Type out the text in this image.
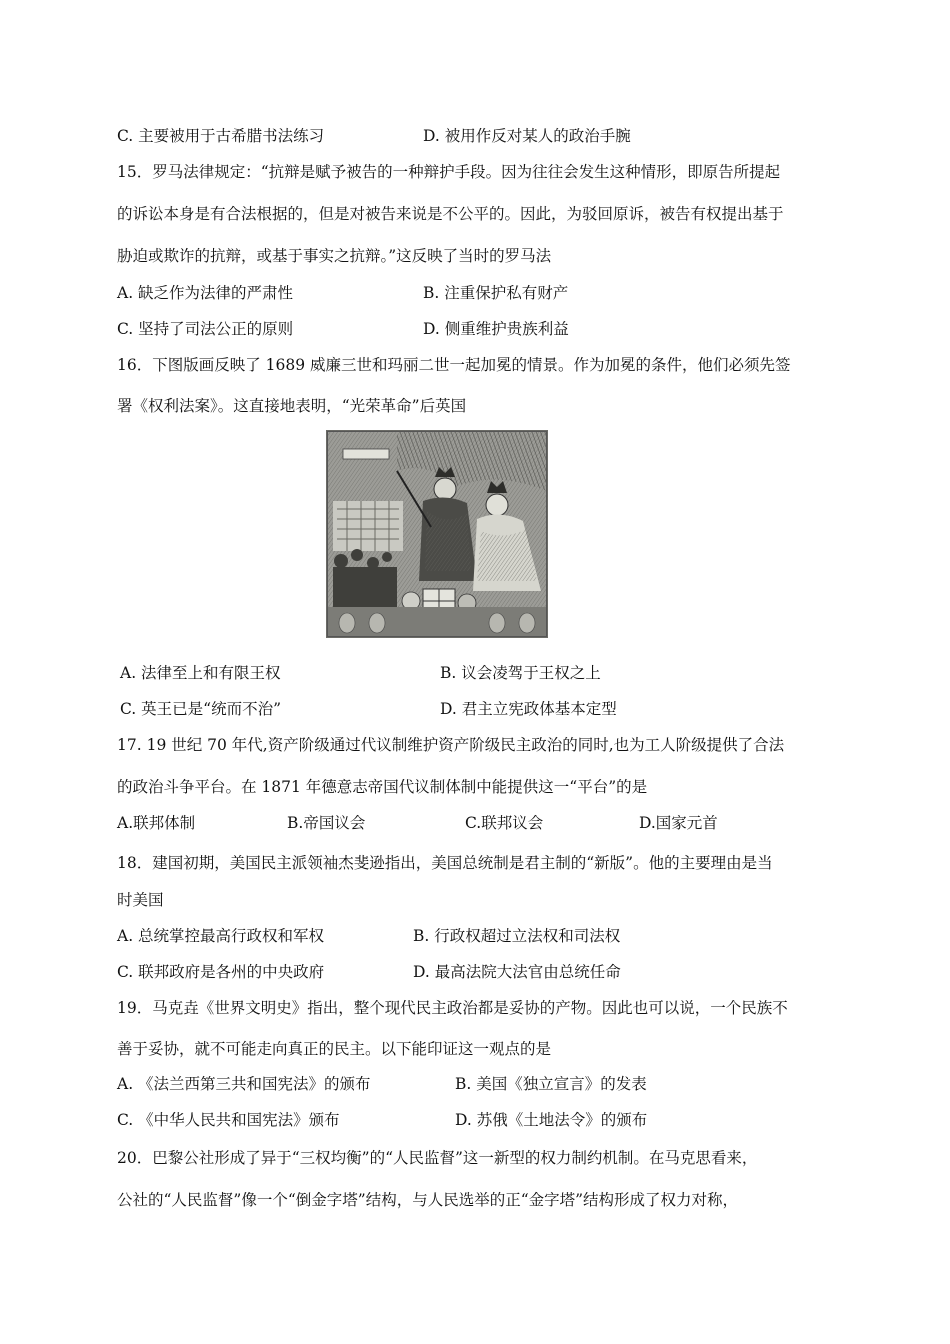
C. 主要被用于古希腊书法练习	D. 被用作反对某人的政治手腕
15．罗马法律规定：“抗辩是赋予被告的一种辩护手段。因为往往会发生这种情形，即原告所提起
的诉讼本身是有合法根据的，但是对被告来说是不公平的。因此，为驳回原诉，被告有权提出基于
胁迫或欺诈的抗辩，或基于事实之抗辩。”这反映了当时的罗马法
A. 缺乏作为法律的严肃性	B. 注重保护私有财产
C. 坚持了司法公正的原则	D. 侧重维护贵族利益
16．下图版画反映了 1689 威廉三世和玛丽二世一起加冕的情景。作为加冕的条件，他们必须先签
署《权利法案》。这直接地表明，“光荣革命”后英国
A. 法律至上和有限王权	B. 议会凌驾于王权之上
C. 英王已是“统而不治”	D. 君主立宪政体基本定型
17. 19 世纪 70 年代,资产阶级通过代议制维护资产阶级民主政治的同时,也为工人阶级提供了合法
的政治斗争平台。在 1871 年德意志帝国代议制体制中能提供这一“平台”的是
A.联邦体制	B.帝国议会	C.联邦议会	D.国家元首
18．建国初期，美国民主派领袖杰斐逊指出，美国总统制是君主制的“新版”。他的主要理由是当
时美国
A. 总统掌控最高行政权和军权	B. 行政权超过立法权和司法权
C. 联邦政府是各州的中央政府	D. 最高法院大法官由总统任命
19．马克垚《世界文明史》指出，整个现代民主政治都是妥协的产物。因此也可以说，一个民族不
善于妥协，就不可能走向真正的民主。以下能印证这一观点的是
A. 《法兰西第三共和国宪法》的颁布	B. 美国《独立宣言》的发表
C. 《中华人民共和国宪法》颁布	D. 苏俄《土地法令》的颁布
20．巴黎公社形成了异于“三权均衡”的“人民监督”这一新型的权力制约机制。在马克思看来，
公社的“人民监督”像一个“倒金字塔”结构，与人民选举的正“金字塔”结构形成了权力对称，
